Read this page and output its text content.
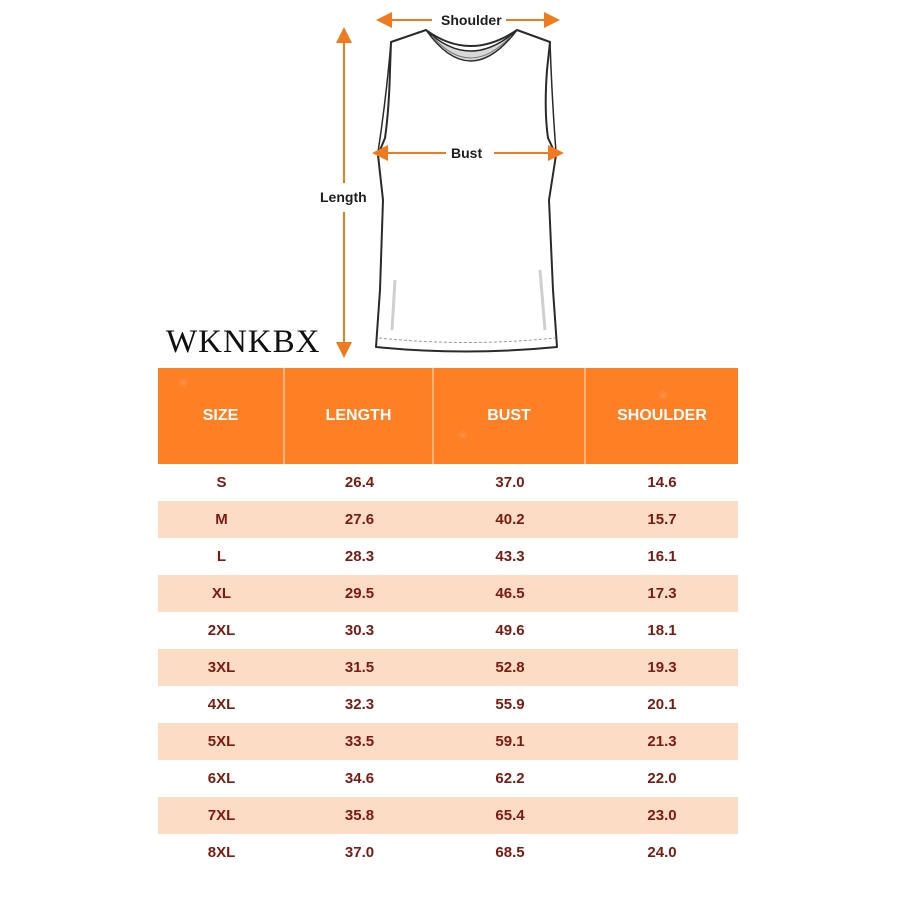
Shoulder
Bust
Length
WKNKBX
❀
❀
❀
SIZE	LENGTH	BUST	SHOULDER
S	26.4	37.0	14.6
M	27.6	40.2	15.7
L	28.3	43.3	16.1
XL	29.5	46.5	17.3
2XL	30.3	49.6	18.1
3XL	31.5	52.8	19.3
4XL	32.3	55.9	20.1
5XL	33.5	59.1	21.3
6XL	34.6	62.2	22.0
7XL	35.8	65.4	23.0
8XL	37.0	68.5	24.0
